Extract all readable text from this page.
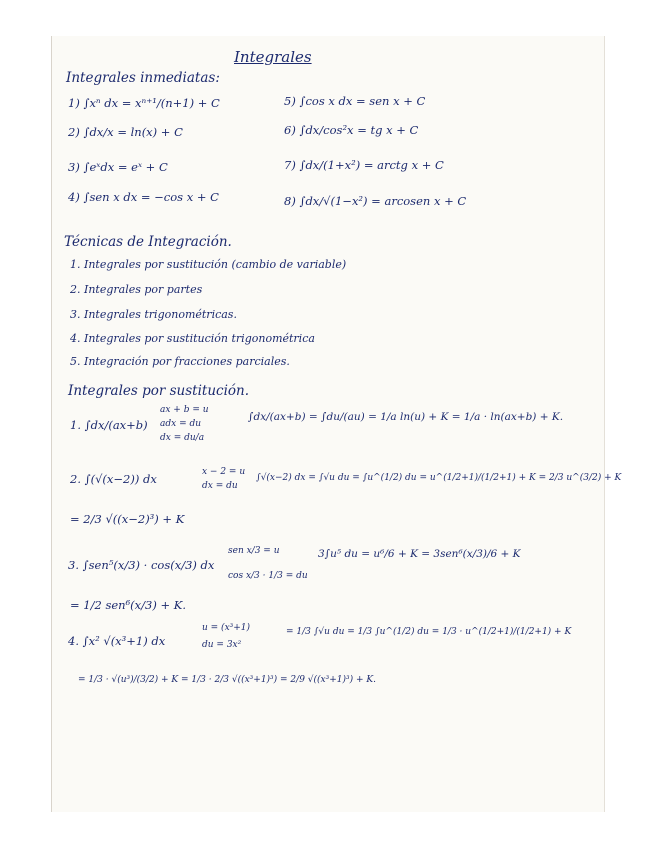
Integrales
Integrales inmediatas:
1) ∫xⁿ dx = xⁿ⁺¹/(n+1) + C
2) ∫dx/x = ln(x) + C
3) ∫eˣdx = eˣ + C
4) ∫sen x dx = −cos x + C
5) ∫cos x dx = sen x + C
6) ∫dx/cos²x = tg x + C
7) ∫dx/(1+x²) = arctg x + C
8) ∫dx/√(1−x²) = arcosen x + C
Técnicas de Integración.
1. Integrales por sustitución (cambio de variable)
2. Integrales por partes
3. Integrales trigonométricas.
4. Integrales por sustitución trigonométrica
5. Integración por fracciones parciales.
Integrales por sustitución.
1. ∫dx/(ax+b)
ax + b = u
adx = du
dx = du/a
∫dx/(ax+b) = ∫du/(au) = 1/a ln(u) + K = 1/a · ln(ax+b) + K.
2. ∫(√(x−2)) dx	x − 2 = u
dx = du
∫√(x−2) dx = ∫√u du = ∫u^(1/2) du = u^(1/2+1)/(1/2+1) + K = 2/3 u^(3/2) + K
= 2/3 √((x−2)³) + K
3. ∫sen⁵(x/3) · cos(x/3) dx
sen x/3 = u
cos x/3 · 1/3 = du
3∫u⁵ du = u⁶/6 + K = 3sen⁶(x/3)/6 + K
= 1/2 sen⁶(x/3) + K.
4. ∫x² √(x³+1) dx
u = (x³+1)
du = 3x²
= 1/3 ∫√u du = 1/3 ∫u^(1/2) du = 1/3 · u^(1/2+1)/(1/2+1) + K
= 1/3 · √(u³)/(3/2) + K = 1/3 · 2/3 √((x³+1)³) = 2/9 √((x³+1)³) + K.
